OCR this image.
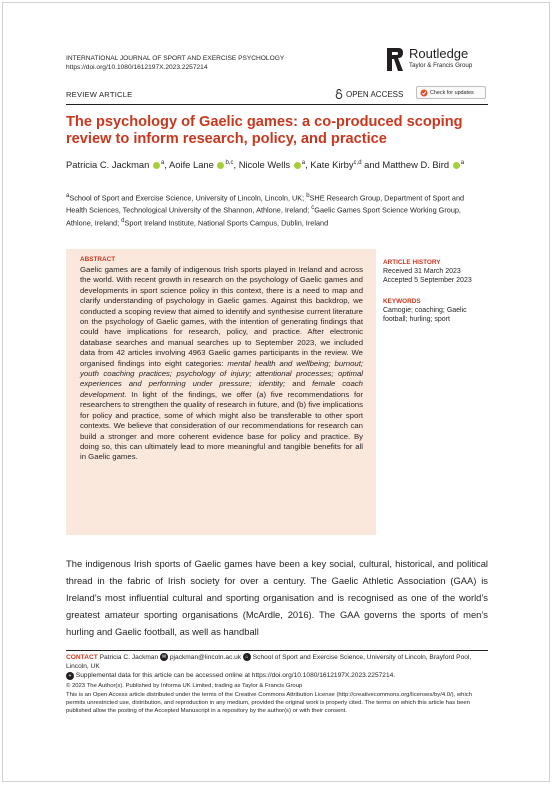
INTERNATIONAL JOURNAL OF SPORT AND EXERCISE PSYCHOLOGY
https://doi.org/10.1080/1612197X.2023.2257214
Routledge
Taylor & Francis Group
REVIEW ARTICLE	OPEN ACCESS	Check for updates
The psychology of Gaelic games: a co-produced scoping review to inform research, policy, and practice
Patricia C. Jackman $^a$, Aoife Lane $^{b,c}$, Nicole Wells $^a$, Kate Kirby$^{c,d}$ and Matthew D. Bird $^a$
$^a$School of Sport and Exercise Science, University of Lincoln, Lincoln, UK; $^b$SHE Research Group, Department of Sport and Health Sciences, Technological University of the Shannon, Athlone, Ireland; $^c$Gaelic Games Sport Science Working Group, Athlone, Ireland; $^d$Sport Ireland Institute, National Sports Campus, Dublin, Ireland
ABSTRACT
Gaelic games are a family of indigenous Irish sports played in Ireland and across the world. With recent growth in research on the psychology of Gaelic games and developments in sport science policy in this context, there is a need to map and clarify understanding of psychology in Gaelic games. Against this backdrop, we conducted a scoping review that aimed to identify and synthesise current literature on the psychology of Gaelic games, with the intention of generating findings that could have implications for research, policy, and practice. After electronic database searches and manual searches up to September 2023, we included data from 42 articles involving 4963 Gaelic games participants in the review. We organised findings into eight categories: mental health and wellbeing; burnout; youth coaching practices; psychology of injury; attentional processes; optimal experiences and performing under pressure; identity; and female coach development. In light of the findings, we offer (a) five recommendations for researchers to strengthen the quality of research in future, and (b) five implications for policy and practice, some of which might also be transferable to other sport contexts. We believe that consideration of our recommendations for research can build a stronger and more coherent evidence base for policy and practice. By doing so, this can ultimately lead to more meaningful and tangible benefits for all in Gaelic games.
ARTICLE HISTORY
Received 31 March 2023
Accepted 5 September 2023
KEYWORDS
Camogie; coaching; Gaelic football; hurling; sport
The indigenous Irish sports of Gaelic games have been a key social, cultural, historical, and political thread in the fabric of Irish society for over a century. The Gaelic Athletic Association (GAA) is Ireland’s most influential cultural and sporting organisation and is recognised as one of the world’s greatest amateur sporting organisations (McArdle, 2016). The GAA governs the sports of men’s hurling and Gaelic football, as well as handball
CONTACT Patricia C. Jackman ✉ pjackman@lincoln.ac.uk ⌂ School of Sport and Exercise Science, University of Lincoln, Brayford Pool, Lincoln, UK
+ Supplemental data for this article can be accessed online at https://doi.org/10.1080/1612197X.2023.2257214.
© 2023 The Author(s). Published by Informa UK Limited, trading as Taylor & Francis Group
This is an Open Access article distributed under the terms of the Creative Commons Attribution License (http://creativecommons.org/licenses/by/4.0/), which permits unrestricted use, distribution, and reproduction in any medium, provided the original work is properly cited. The terms on which this article has been published allow the posting of the Accepted Manuscript in a repository by the author(s) or with their consent.
